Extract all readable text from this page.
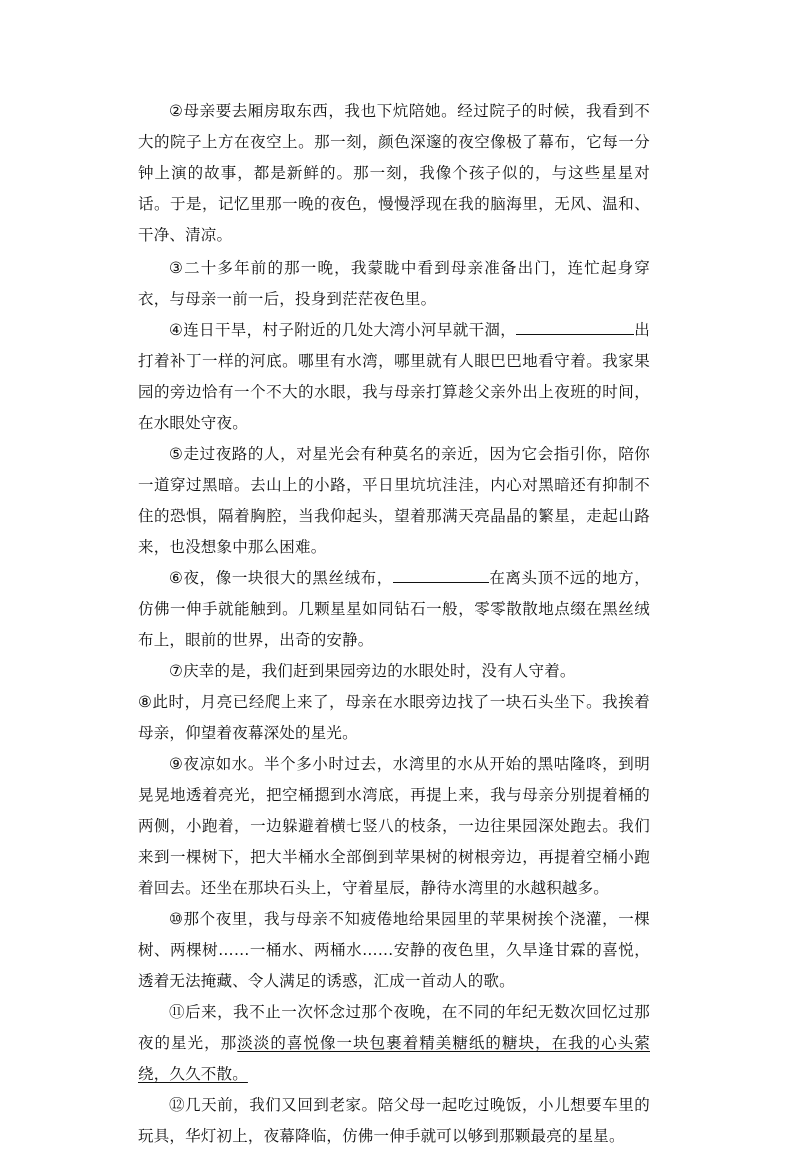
②母亲要去厢房取东西，我也下炕陪她。经过院子的时候，我看到不大的院子上方在夜空上。那一刻，颜色深邃的夜空像极了幕布，它每一分钟上演的故事，都是新鲜的。那一刻，我像个孩子似的，与这些星星对话。于是，记忆里那一晚的夜色，慢慢浮现在我的脑海里，无风、温和、干净、清凉。

③二十多年前的那一晚，我蒙眬中看到母亲准备出门，连忙起身穿衣，与母亲一前一后，投身到茫茫夜色里。

④连日干旱，村子附近的几处大湾小河早就干涸，	出打着补丁一样的河底。哪里有水湾，哪里就有人眼巴巴地看守着。我家果园的旁边恰有一个不大的水眼，我与母亲打算趁父亲外出上夜班的时间，在水眼处守夜。

⑤走过夜路的人，对星光会有种莫名的亲近，因为它会指引你，陪你一道穿过黑暗。去山上的小路，平日里坑坑洼洼，内心对黑暗还有抑制不住的恐惧，隔着胸腔，当我仰起头，望着那满天亮晶晶的繁星，走起山路来，也没想象中那么困难。

⑥夜，像一块很大的黑丝绒布，	在离头顶不远的地方，仿佛一伸手就能触到。几颗星星如同钻石一般，零零散散地点缀在黑丝绒布上，眼前的世界，出奇的安静。

⑦庆幸的是，我们赶到果园旁边的水眼处时，没有人守着。

⑧此时，月亮已经爬上来了，母亲在水眼旁边找了一块石头坐下。我挨着母亲，仰望着夜幕深处的星光。

⑨夜凉如水。半个多小时过去，水湾里的水从开始的黑咕隆咚，到明晃晃地透着亮光，把空桶摁到水湾底，再提上来，我与母亲分别提着桶的两侧，小跑着，一边躲避着横七竖八的枝条，一边往果园深处跑去。我们来到一棵树下，把大半桶水全部倒到苹果树的树根旁边，再提着空桶小跑着回去。还坐在那块石头上，守着星辰，静待水湾里的水越积越多。

⑩那个夜里，我与母亲不知疲倦地给果园里的苹果树挨个浇灌，一棵树、两棵树……一桶水、两桶水……安静的夜色里，久旱逢甘霖的喜悦，透着无法掩藏、令人满足的诱惑，汇成一首动人的歌。

⑪后来，我不止一次怀念过那个夜晚，在不同的年纪无数次回忆过那夜的星光，那淡淡的喜悦像一块包裹着精美糖纸的糖块，在我的心头萦绕，久久不散。

⑫几天前，我们又回到老家。陪父母一起吃过晚饭，小儿想要车里的玩具，华灯初上，夜幕降临，仿佛一伸手就可以够到那颗最亮的星星。
